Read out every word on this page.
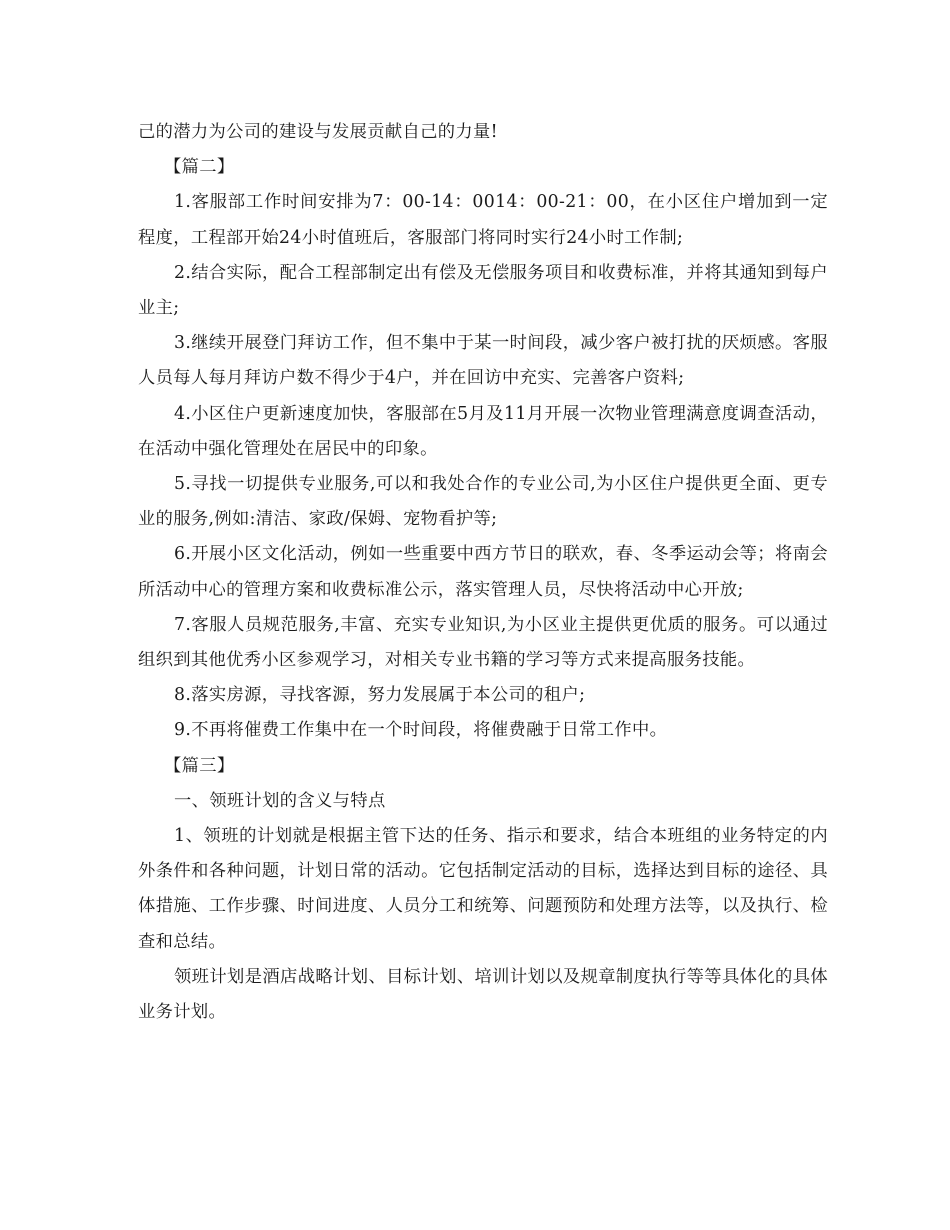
己的潜力为公司的建设与发展贡献自己的力量!

【篇二】

1.客服部工作时间安排为7：00-14：0014：00-21：00，在小区住户增加到一定程度，工程部开始24小时值班后，客服部门将同时实行24小时工作制;

2.结合实际，配合工程部制定出有偿及无偿服务项目和收费标准，并将其通知到每户业主;

3.继续开展登门拜访工作，但不集中于某一时间段，减少客户被打扰的厌烦感。客服人员每人每月拜访户数不得少于4户，并在回访中充实、完善客户资料;

4.小区住户更新速度加快，客服部在5月及11月开展一次物业管理满意度调查活动，在活动中强化管理处在居民中的印象。

5.寻找一切提供专业服务,可以和我处合作的专业公司,为小区住户提供更全面、更专业的服务,例如:清洁、家政/保姆、宠物看护等;

6.开展小区文化活动，例如一些重要中西方节日的联欢，春、冬季运动会等；将南会所活动中心的管理方案和收费标准公示，落实管理人员，尽快将活动中心开放;

7.客服人员规范服务,丰富、充实专业知识,为小区业主提供更优质的服务。可以通过组织到其他优秀小区参观学习，对相关专业书籍的学习等方式来提高服务技能。

8.落实房源，寻找客源，努力发展属于本公司的租户;

9.不再将催费工作集中在一个时间段，将催费融于日常工作中。

【篇三】

一、领班计划的含义与特点

1、领班的计划就是根据主管下达的任务、指示和要求，结合本班组的业务特定的内外条件和各种问题，计划日常的活动。它包括制定活动的目标，选择达到目标的途径、具体措施、工作步骤、时间进度、人员分工和统筹、问题预防和处理方法等，以及执行、检查和总结。

领班计划是酒店战略计划、目标计划、培训计划以及规章制度执行等等具体化的具体业务计划。
